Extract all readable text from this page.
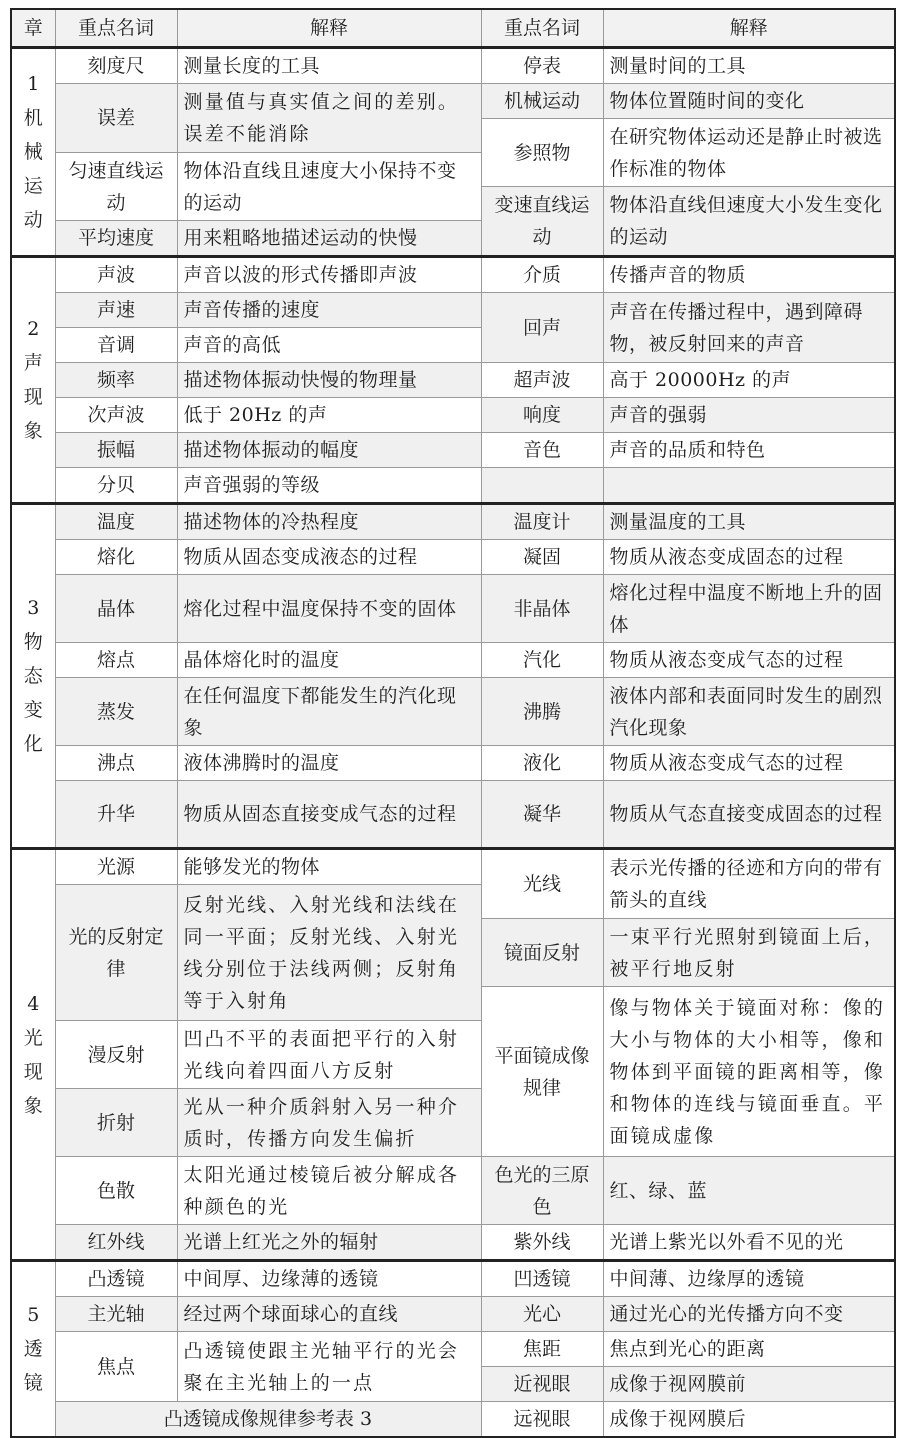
章	重点名词	解释	重点名词	解释

1
机
械
运
动	刻度尺	测量长度的工具	停表	测量时间的工具
	误差	测量值与真实值之间的差别。误差不能消除	机械运动	物体位置随时间的变化
			参照物	在研究物体运动还是静止时被选作标准的物体
	匀速直线运动	物体沿直线且速度大小保持不变的运动		
			变速直线运动	物体沿直线但速度大小发生变化的运动
	平均速度	用来粗略地描述运动的快慢		

2
声
现
象	声波	声音以波的形式传播即声波	介质	传播声音的物质
	声速	声音传播的速度	回声	声音在传播过程中，遇到障碍物，被反射回来的声音
	音调	声音的高低		
	频率	描述物体振动快慢的物理量	超声波	高于 20000Hz 的声
	次声波	低于 20Hz 的声	响度	声音的强弱
	振幅	描述物体振动的幅度	音色	声音的品质和特色
	分贝	声音强弱的等级		

3
物
态
变
化	温度	描述物体的冷热程度	温度计	测量温度的工具
	熔化	物质从固态变成液态的过程	凝固	物质从液态变成固态的过程
	晶体	熔化过程中温度保持不变的固体	非晶体	熔化过程中温度不断地上升的固体
	熔点	晶体熔化时的温度	汽化	物质从液态变成气态的过程
	蒸发	在任何温度下都能发生的汽化现象	沸腾	液体内部和表面同时发生的剧烈汽化现象
	沸点	液体沸腾时的温度	液化	物质从液态变成气态的过程
	升华	物质从固态直接变成气态的过程	凝华	物质从气态直接变成固态的过程

4
光
现
象	光源	能够发光的物体	光线	表示光传播的径迹和方向的带有箭头的直线
	光的反射定律	反射光线、入射光线和法线在同一平面；反射光线、入射光线分别位于法线两侧；反射角等于入射角		
			镜面反射	一束平行光照射到镜面上后，被平行地反射

			平面镜成像规律	像与物体关于镜面对称：像的大小与物体的大小相等，像和物体到平面镜的距离相等，像和物体的连线与镜面垂直。平面镜成虚像
	漫反射	凹凸不平的表面把平行的入射光线向着四面八方反射		

	折射	光从一种介质斜射入另一种介质时，传播方向发生偏折		

	色散	太阳光通过棱镜后被分解成各种颜色的光	色光的三原色	红、绿、蓝

	红外线	光谱上红光之外的辐射	紫外线	光谱上紫光以外看不见的光

5
透
镜	凸透镜	中间厚、边缘薄的透镜	凹透镜	中间薄、边缘厚的透镜
	主光轴	经过两个球面球心的直线	光心	通过光心的光传播方向不变
	焦点	凸透镜使跟主光轴平行的光会聚在主光轴上的一点	焦距	焦点到光心的距离
			近视眼	成像于视网膜前
	凸透镜成像规律参考表 3		远视眼	成像于视网膜后
